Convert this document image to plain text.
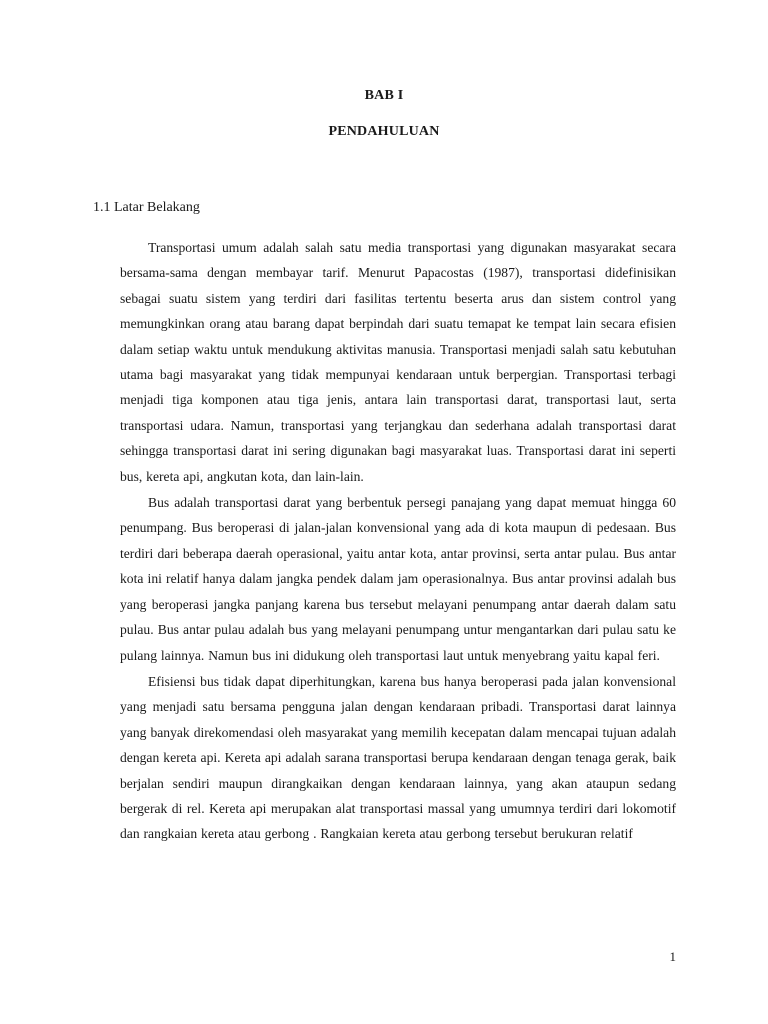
BAB I
PENDAHULUAN
1.1 Latar Belakang

Transportasi umum adalah salah satu media transportasi yang digunakan masyarakat secara bersama-sama dengan membayar tarif. Menurut Papacostas (1987), transportasi didefinisikan sebagai suatu sistem yang terdiri dari fasilitas tertentu beserta arus dan sistem control yang memungkinkan orang atau barang dapat berpindah dari suatu temapat ke tempat lain secara efisien dalam setiap waktu untuk mendukung aktivitas manusia. Transportasi menjadi salah satu kebutuhan utama bagi masyarakat yang tidak mempunyai kendaraan untuk berpergian. Transportasi terbagi menjadi tiga komponen atau tiga jenis, antara lain transportasi darat, transportasi laut, serta transportasi udara. Namun, transportasi yang terjangkau dan sederhana adalah transportasi darat sehingga transportasi darat ini sering digunakan bagi masyarakat luas. Transportasi darat ini seperti bus, kereta api, angkutan kota, dan lain-lain.

Bus adalah transportasi darat yang berbentuk persegi panajang yang dapat memuat hingga 60 penumpang. Bus beroperasi di jalan-jalan konvensional yang ada di kota maupun di pedesaan. Bus terdiri dari beberapa daerah operasional, yaitu antar kota, antar provinsi, serta antar pulau. Bus antar kota ini relatif hanya dalam jangka pendek dalam jam operasionalnya. Bus antar provinsi adalah bus yang beroperasi jangka panjang karena bus tersebut melayani penumpang antar daerah dalam satu pulau. Bus antar pulau adalah bus yang melayani penumpang untur mengantarkan dari pulau satu ke pulang lainnya. Namun bus ini didukung oleh transportasi laut untuk menyebrang yaitu kapal feri.

Efisiensi bus tidak dapat diperhitungkan, karena bus hanya beroperasi pada jalan konvensional yang menjadi satu bersama pengguna jalan dengan kendaraan pribadi. Transportasi darat lainnya yang banyak direkomendasi oleh masyarakat yang memilih kecepatan dalam mencapai tujuan adalah dengan kereta api. Kereta api adalah sarana transportasi berupa kendaraan dengan tenaga gerak, baik berjalan sendiri maupun dirangkaikan dengan kendaraan lainnya, yang akan ataupun sedang bergerak di rel. Kereta api merupakan alat transportasi massal yang umumnya terdiri dari lokomotif dan rangkaian kereta atau gerbong . Rangkaian kereta atau gerbong tersebut berukuran relatif

1
